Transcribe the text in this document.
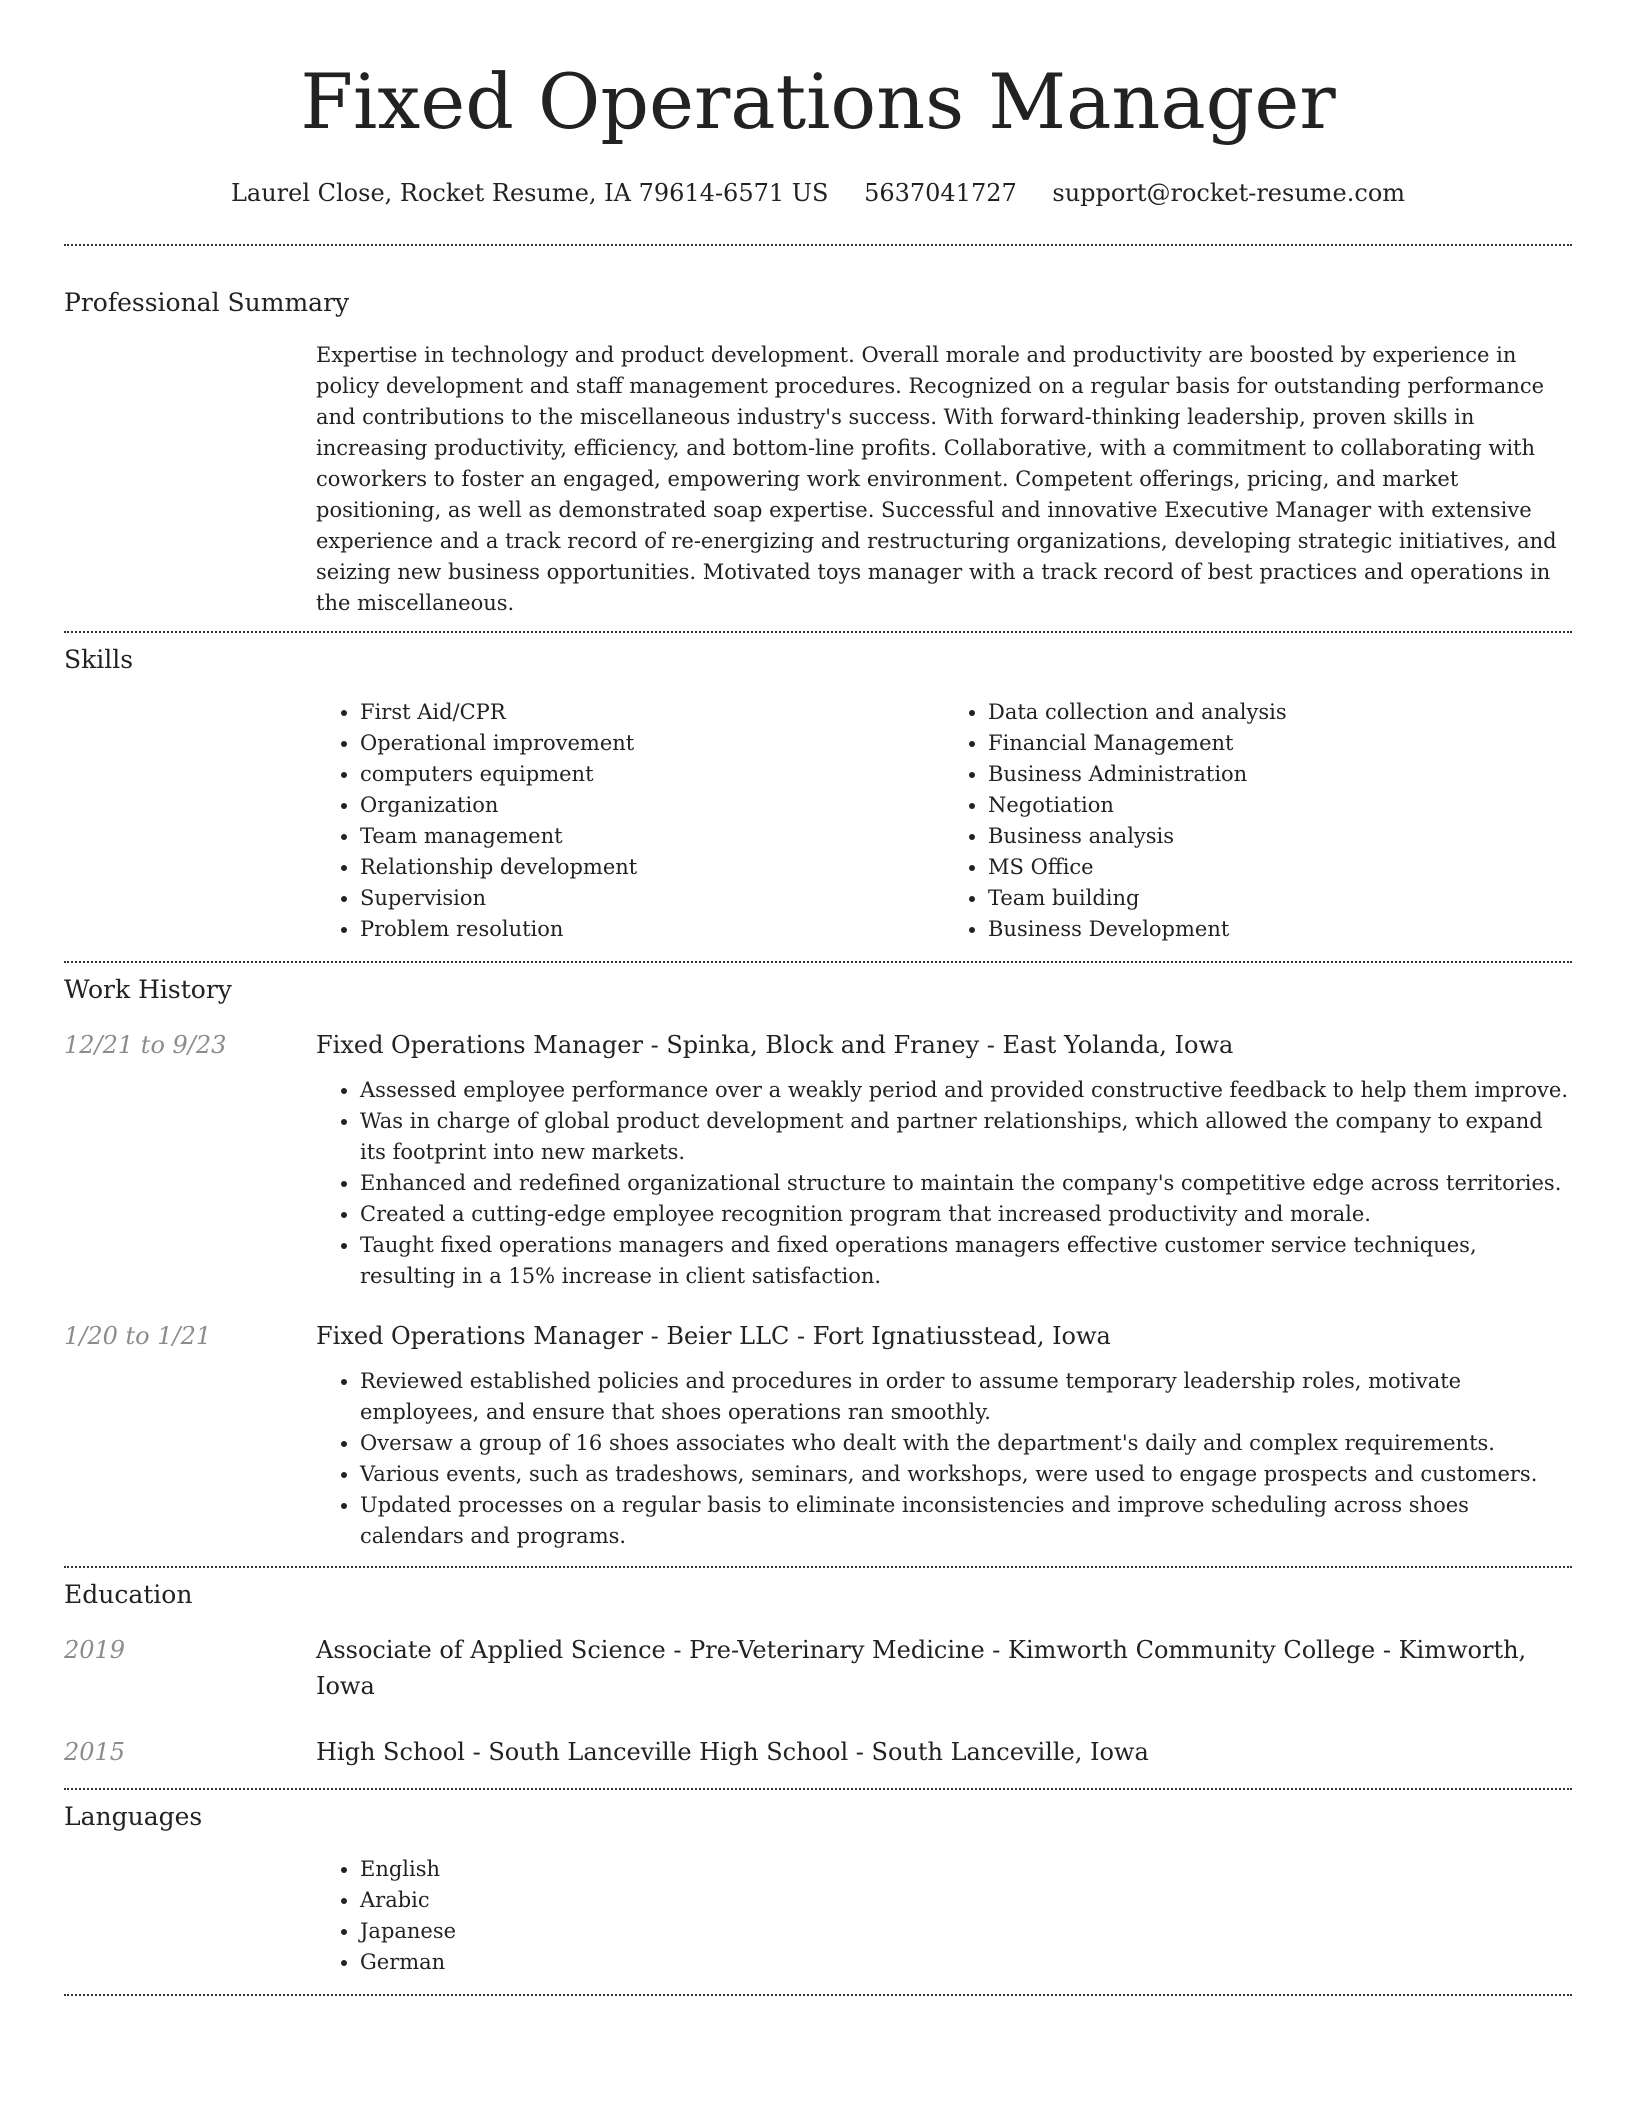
Fixed Operations Manager
Laurel Close, Rocket Resume, IA 79614-6571 US 5637041727 support@rocket-resume.com
Professional Summary

Expertise in technology and product development. Overall morale and productivity are boosted by experience in policy development and staff management procedures. Recognized on a regular basis for outstanding performance and contributions to the miscellaneous industry's success. With forward-thinking leadership, proven skills in increasing productivity, efficiency, and bottom-line profits. Collaborative, with a commitment to collaborating with coworkers to foster an engaged, empowering work environment. Competent offerings, pricing, and market positioning, as well as demonstrated soap expertise. Successful and innovative Executive Manager with extensive experience and a track record of re-energizing and restructuring organizations, developing strategic initiatives, and seizing new business opportunities. Motivated toys manager with a track record of best practices and operations in the miscellaneous.

Skills
• First Aid/CPR
• Operational improvement
• computers equipment
• Organization
• Team management
• Relationship development
• Supervision
• Problem resolution
• Data collection and analysis
• Financial Management
• Business Administration
• Negotiation
• Business analysis
• MS Office
• Team building
• Business Development
Work History
12/21 to 9/23	Fixed Operations Manager - Spinka, Block and Franey - East Yolanda, Iowa
• Assessed employee performance over a weakly period and provided constructive feedback to help them improve.
• Was in charge of global product development and partner relationships, which allowed the company to expand its footprint into new markets.
• Enhanced and redefined organizational structure to maintain the company's competitive edge across territories.
• Created a cutting-edge employee recognition program that increased productivity and morale.
• Taught fixed operations managers and fixed operations managers effective customer service techniques, resulting in a 15% increase in client satisfaction.
1/20 to 1/21	Fixed Operations Manager - Beier LLC - Fort Ignatiusstead, Iowa
• Reviewed established policies and procedures in order to assume temporary leadership roles, motivate employees, and ensure that shoes operations ran smoothly.
• Oversaw a group of 16 shoes associates who dealt with the department's daily and complex requirements.
• Various events, such as tradeshows, seminars, and workshops, were used to engage prospects and customers.
• Updated processes on a regular basis to eliminate inconsistencies and improve scheduling across shoes calendars and programs.
Education
2019	Associate of Applied Science - Pre-Veterinary Medicine - Kimworth Community College - Kimworth, Iowa
2015	High School - South Lanceville High School - South Lanceville, Iowa
Languages
• English
• Arabic
• Japanese
• German
